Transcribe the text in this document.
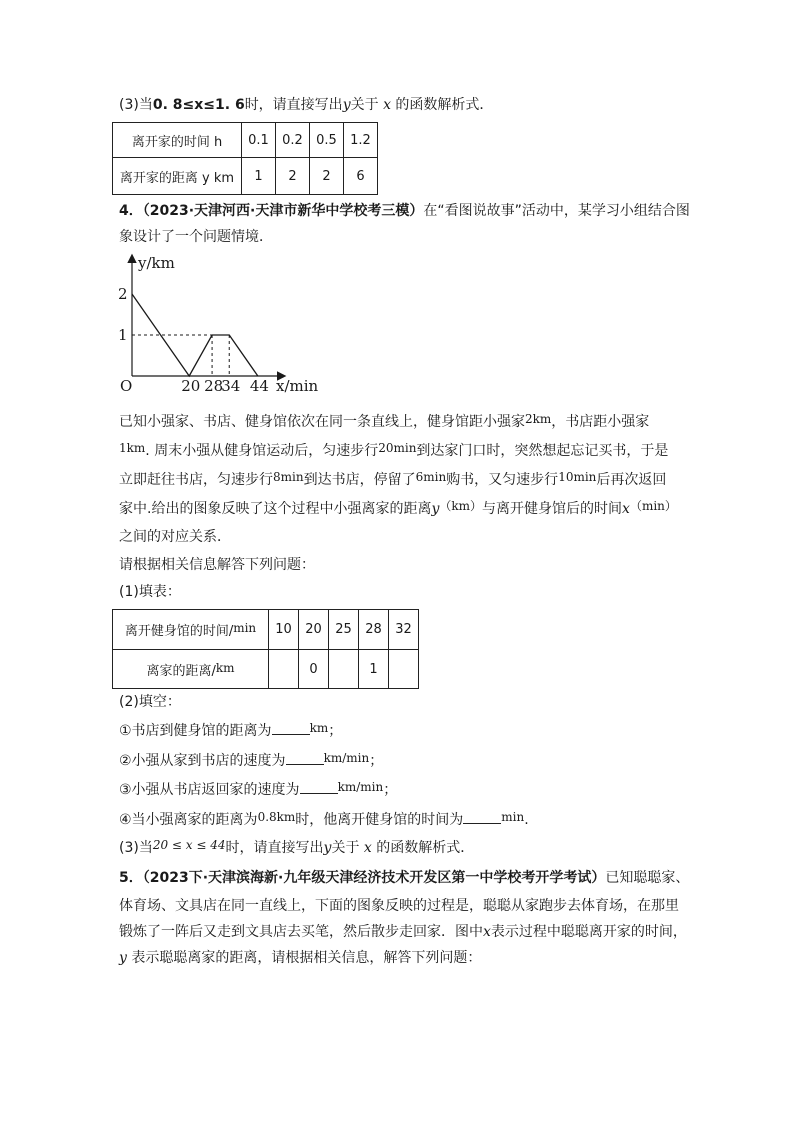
(3)当0. 8≤x≤1. 6时，请直接写出y关于 x 的函数解析式．
离开家的时间 h	0.1	0.2	0.5	1.2
离开家的距离 y km	1	2	2	6
4．（2023·天津河西·天津市新华中学校考三模）在“看图说故事”活动中，某学习小组结合图
象设计了一个问题情境．
y/km
x/min
O	20 28
34 44
2
1
已知小强家、书店、健身馆依次在同一条直线上，健身馆距小强家2km，书店距小强家
1km. 周末小强从健身馆运动后，匀速步行20min到达家门口时，突然想起忘记买书，于是
立即赶往书店，匀速步行8min到达书店，停留了6min购书，又匀速步行10min后再次返回
家中.给出的图象反映了这个过程中小强离家的距离y（km）与离开健身馆后的时间x（min）
之间的对应关系．
请根据相关信息解答下列问题：
(1)填表：
离开健身馆的时间/min	10	20	25	28	32
离家的距离/km		0		1	
(2)填空：
①书店到健身馆的距离为	km；
②小强从家到书店的速度为	km/min；
③小强从书店返回家的速度为	km/min；
④当小强离家的距离为0.8km时，他离开健身馆的时间为	min.
(3)当20 ≤ x ≤ 44时，请直接写出y关于 x 的函数解析式．
5．（2023下·天津滨海新·九年级天津经济技术开发区第一中学校考开学考试）已知聪聪家、
体育场、文具店在同一直线上，下面的图象反映的过程是，聪聪从家跑步去体育场，在那里
锻炼了一阵后又走到文具店去买笔，然后散步走回家．图中x表示过程中聪聪离开家的时间，
y 表示聪聪离家的距离，请根据相关信息，解答下列问题：
